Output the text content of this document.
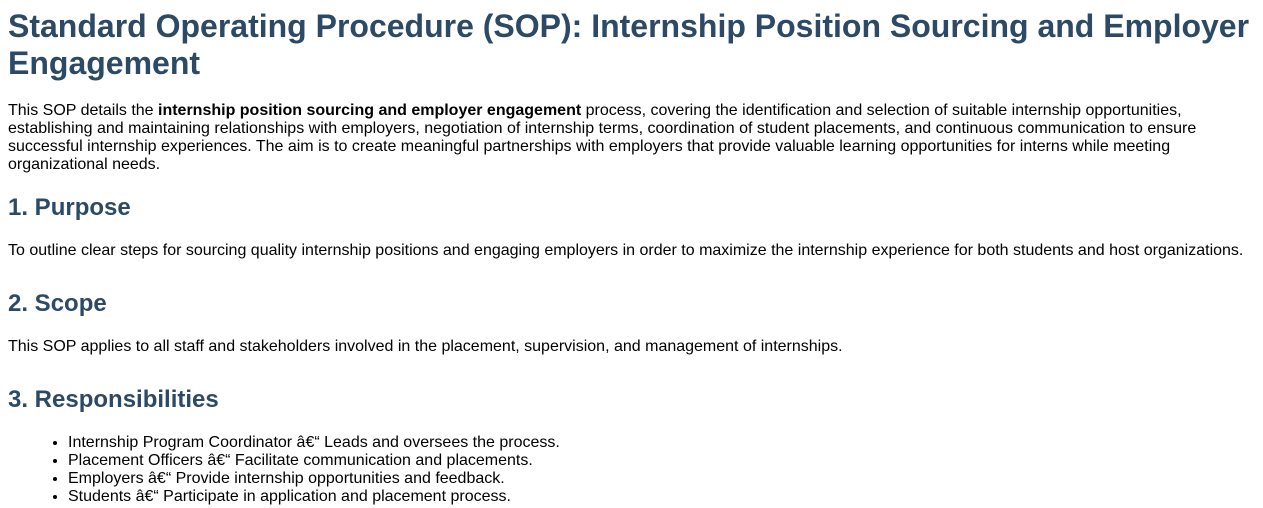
Standard Operating Procedure (SOP): Internship Position Sourcing and Employer Engagement

This SOP details the internship position sourcing and employer engagement process, covering the identification and selection of suitable internship opportunities, establishing and maintaining relationships with employers, negotiation of internship terms, coordination of student placements, and continuous communication to ensure successful internship experiences. The aim is to create meaningful partnerships with employers that provide valuable learning opportunities for interns while meeting organizational needs.

1. Purpose

To outline clear steps for sourcing quality internship positions and engaging employers in order to maximize the internship experience for both students and host organizations.

2. Scope

This SOP applies to all staff and stakeholders involved in the placement, supervision, and management of internships.

3. Responsibilities
• Internship Program Coordinator â€“ Leads and oversees the process.
• Placement Officers â€“ Facilitate communication and placements.
• Employers â€“ Provide internship opportunities and feedback.
• Students â€“ Participate in application and placement process.
